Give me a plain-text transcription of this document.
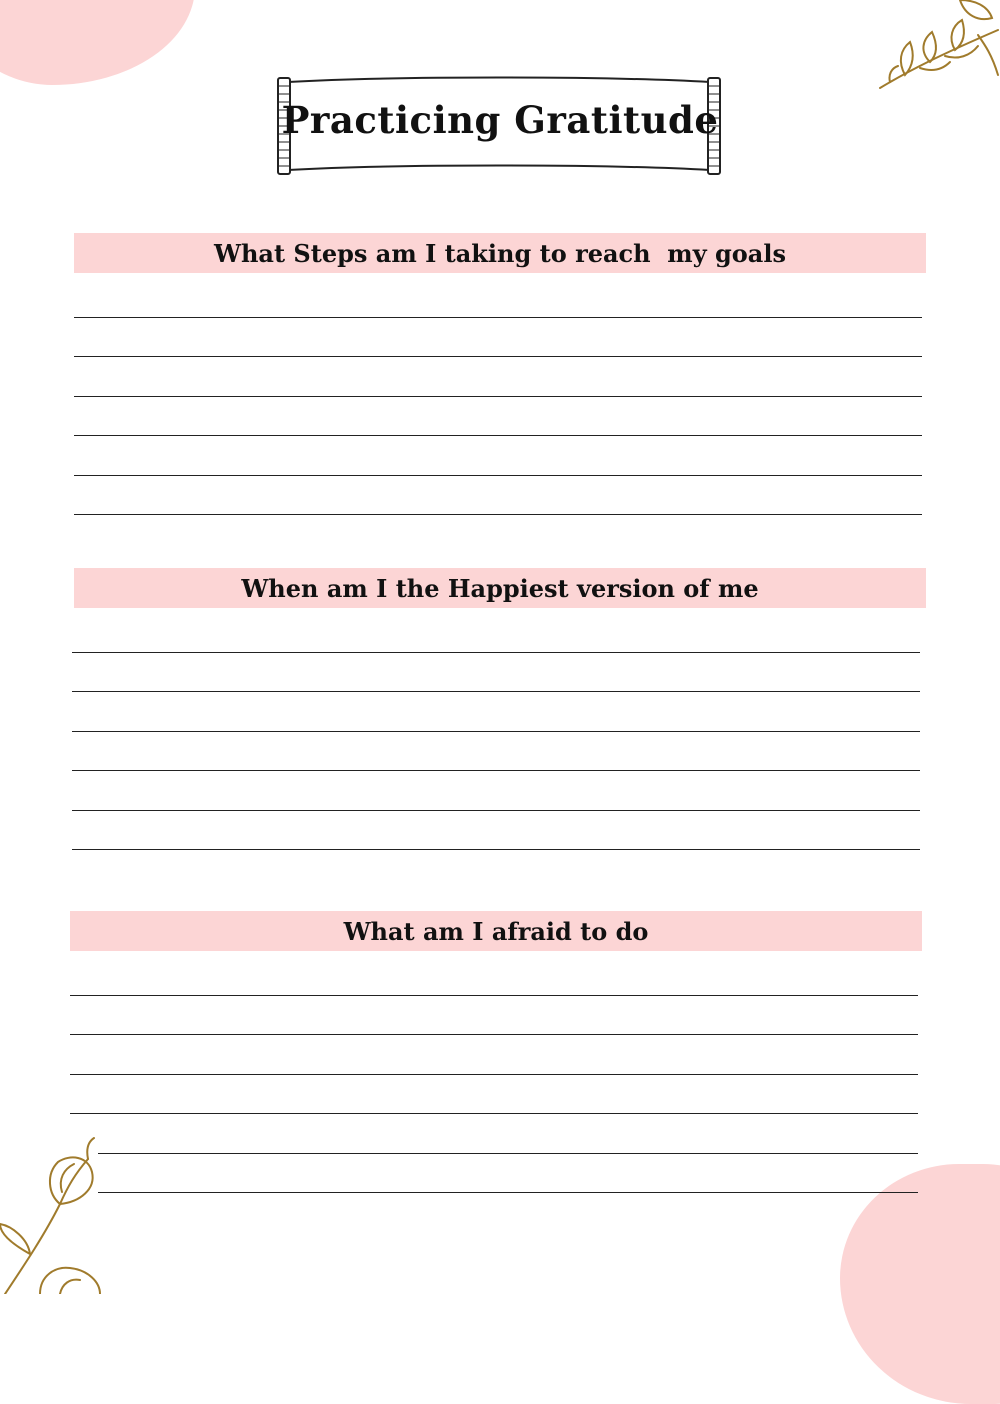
Practicing Gratitude
What Steps am I taking to reach  my goals
When am I the Happiest version of me
What am I afraid to do
